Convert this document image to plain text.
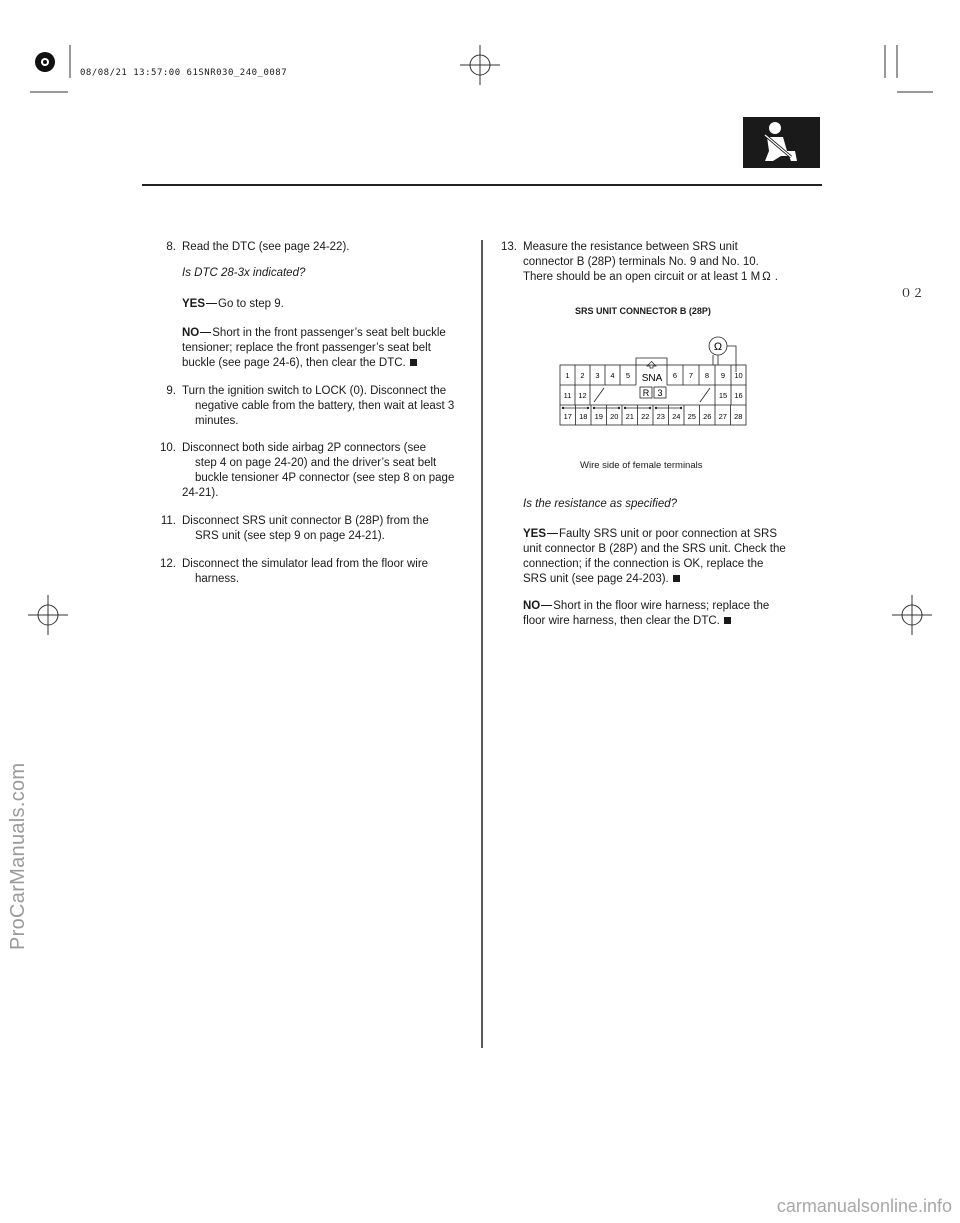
08/08/21 13:57:00 61SNR030_240_0087
０２
8. Read the DTC (see page 24-22).
Is DTC 28-3x indicated?
YES Go to step 9.
NO Short in the front passenger’s seat belt buckle
tensioner; replace the front passenger’s seat belt
buckle (see page 24-6), then clear the DTC.
9. Turn the ignition switch to LOCK (0). Disconnect the
negative cable from the battery, then wait at least 3
minutes.
10. Disconnect both side airbag 2P connectors (see
step 4 on page 24-20) and the driver’s seat belt
buckle tensioner 4P connector (see step 8 on page
24-21).
11. Disconnect SRS unit connector B (28P) from the
SRS unit (see step 9 on page 24-21).
12. Disconnect the simulator lead from the floor wire
harness.
13. Measure the resistance between SRS unit
connector B (28P) terminals No. 9 and No. 10.
There should be an open circuit or at least 1 M Ω .
SRS UNIT CONNECTOR B (28P)
Ω
SNA
R 3
1 2 3 4 5	6 7 8 9 10
11 12	15 16
17 18 19 20 21 22 23 24 25 26 27 28
Wire side of female terminals
Is the resistance as specified?
YES Faulty SRS unit or poor connection at SRS
unit connector B (28P) and the SRS unit. Check the
connection; if the connection is OK, replace the
SRS unit (see page 24-203).
NO Short in the floor wire harness; replace the
floor wire harness, then clear the DTC.
ProCarManuals.com
carmanualsonline.info
